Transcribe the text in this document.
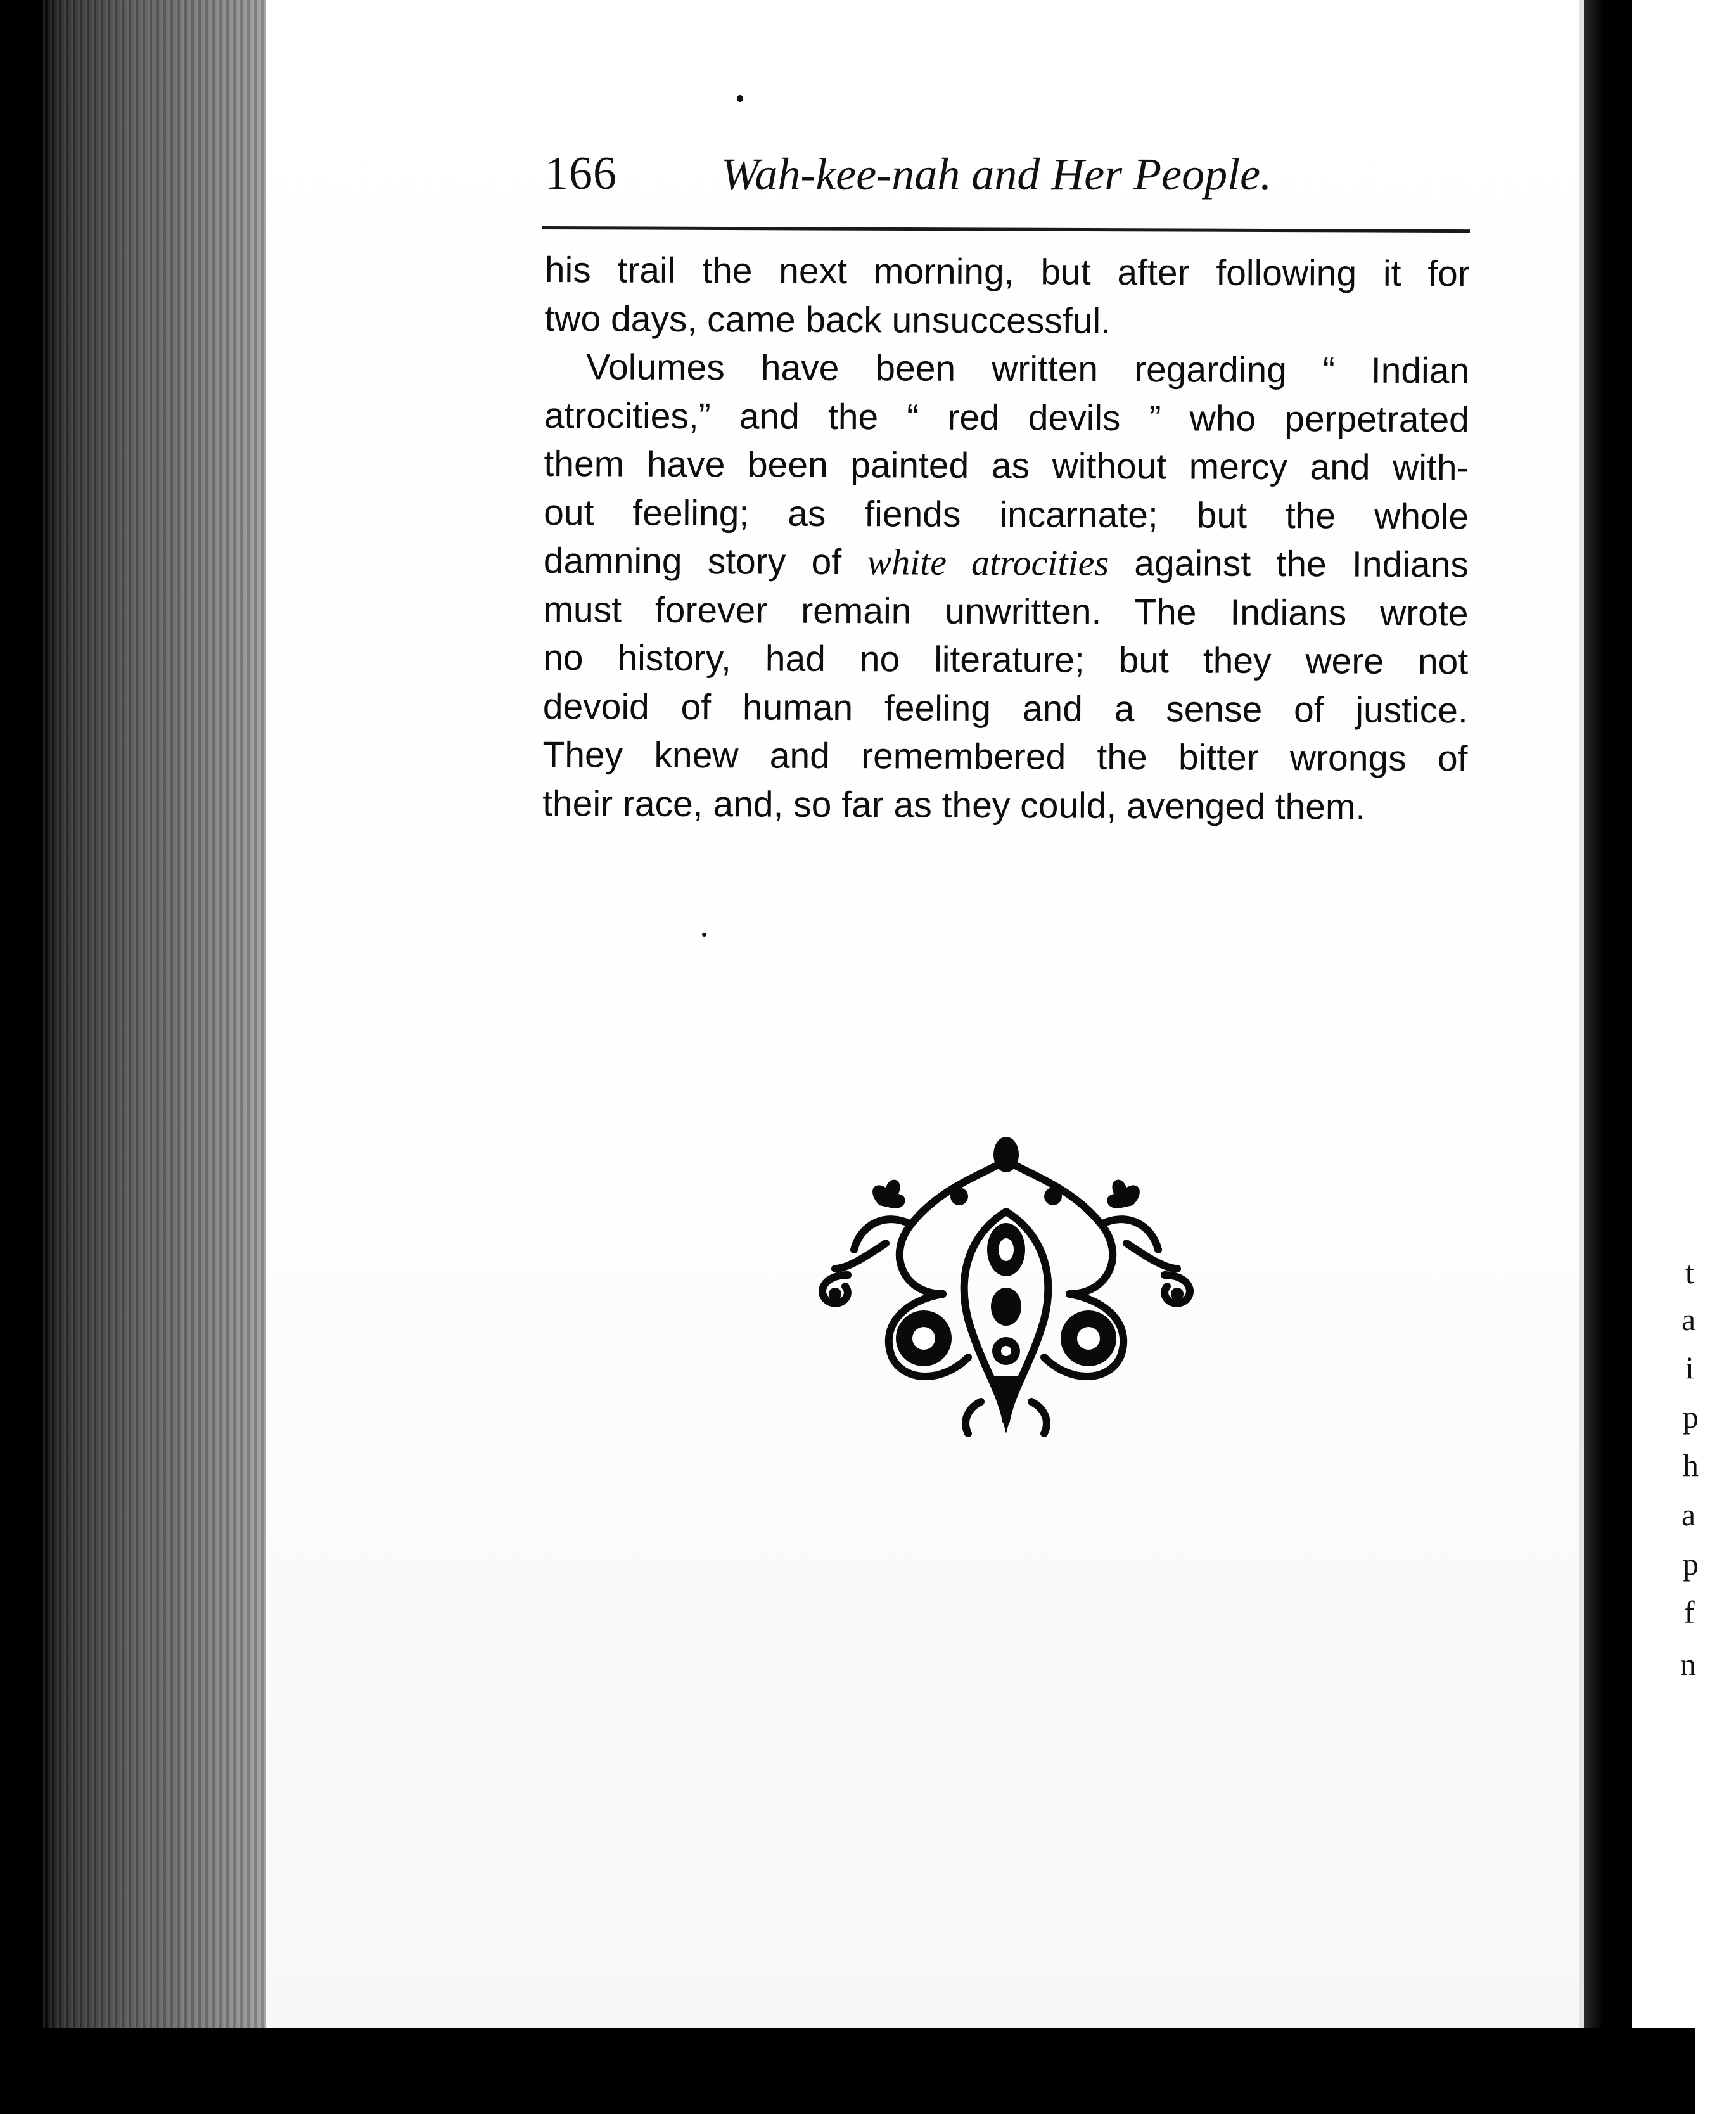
t
a
i
p
h
a
p
f
n
166 Wah-kee-nah and Her People.
his trail the next morning, but after following it for
two days, came back unsuccessful.
Volumes have been written regarding “ Indian
atrocities,” and the “ red devils ” who perpetrated
them have been painted as without mercy and with-
out feeling; as fiends incarnate; but the whole
damning story of white atrocities against the Indians
must forever remain unwritten. The Indians wrote
no history, had no literature; but they were not
devoid of human feeling and a sense of justice.
They knew and remembered the bitter wrongs of
their race, and, so far as they could, avenged them.
